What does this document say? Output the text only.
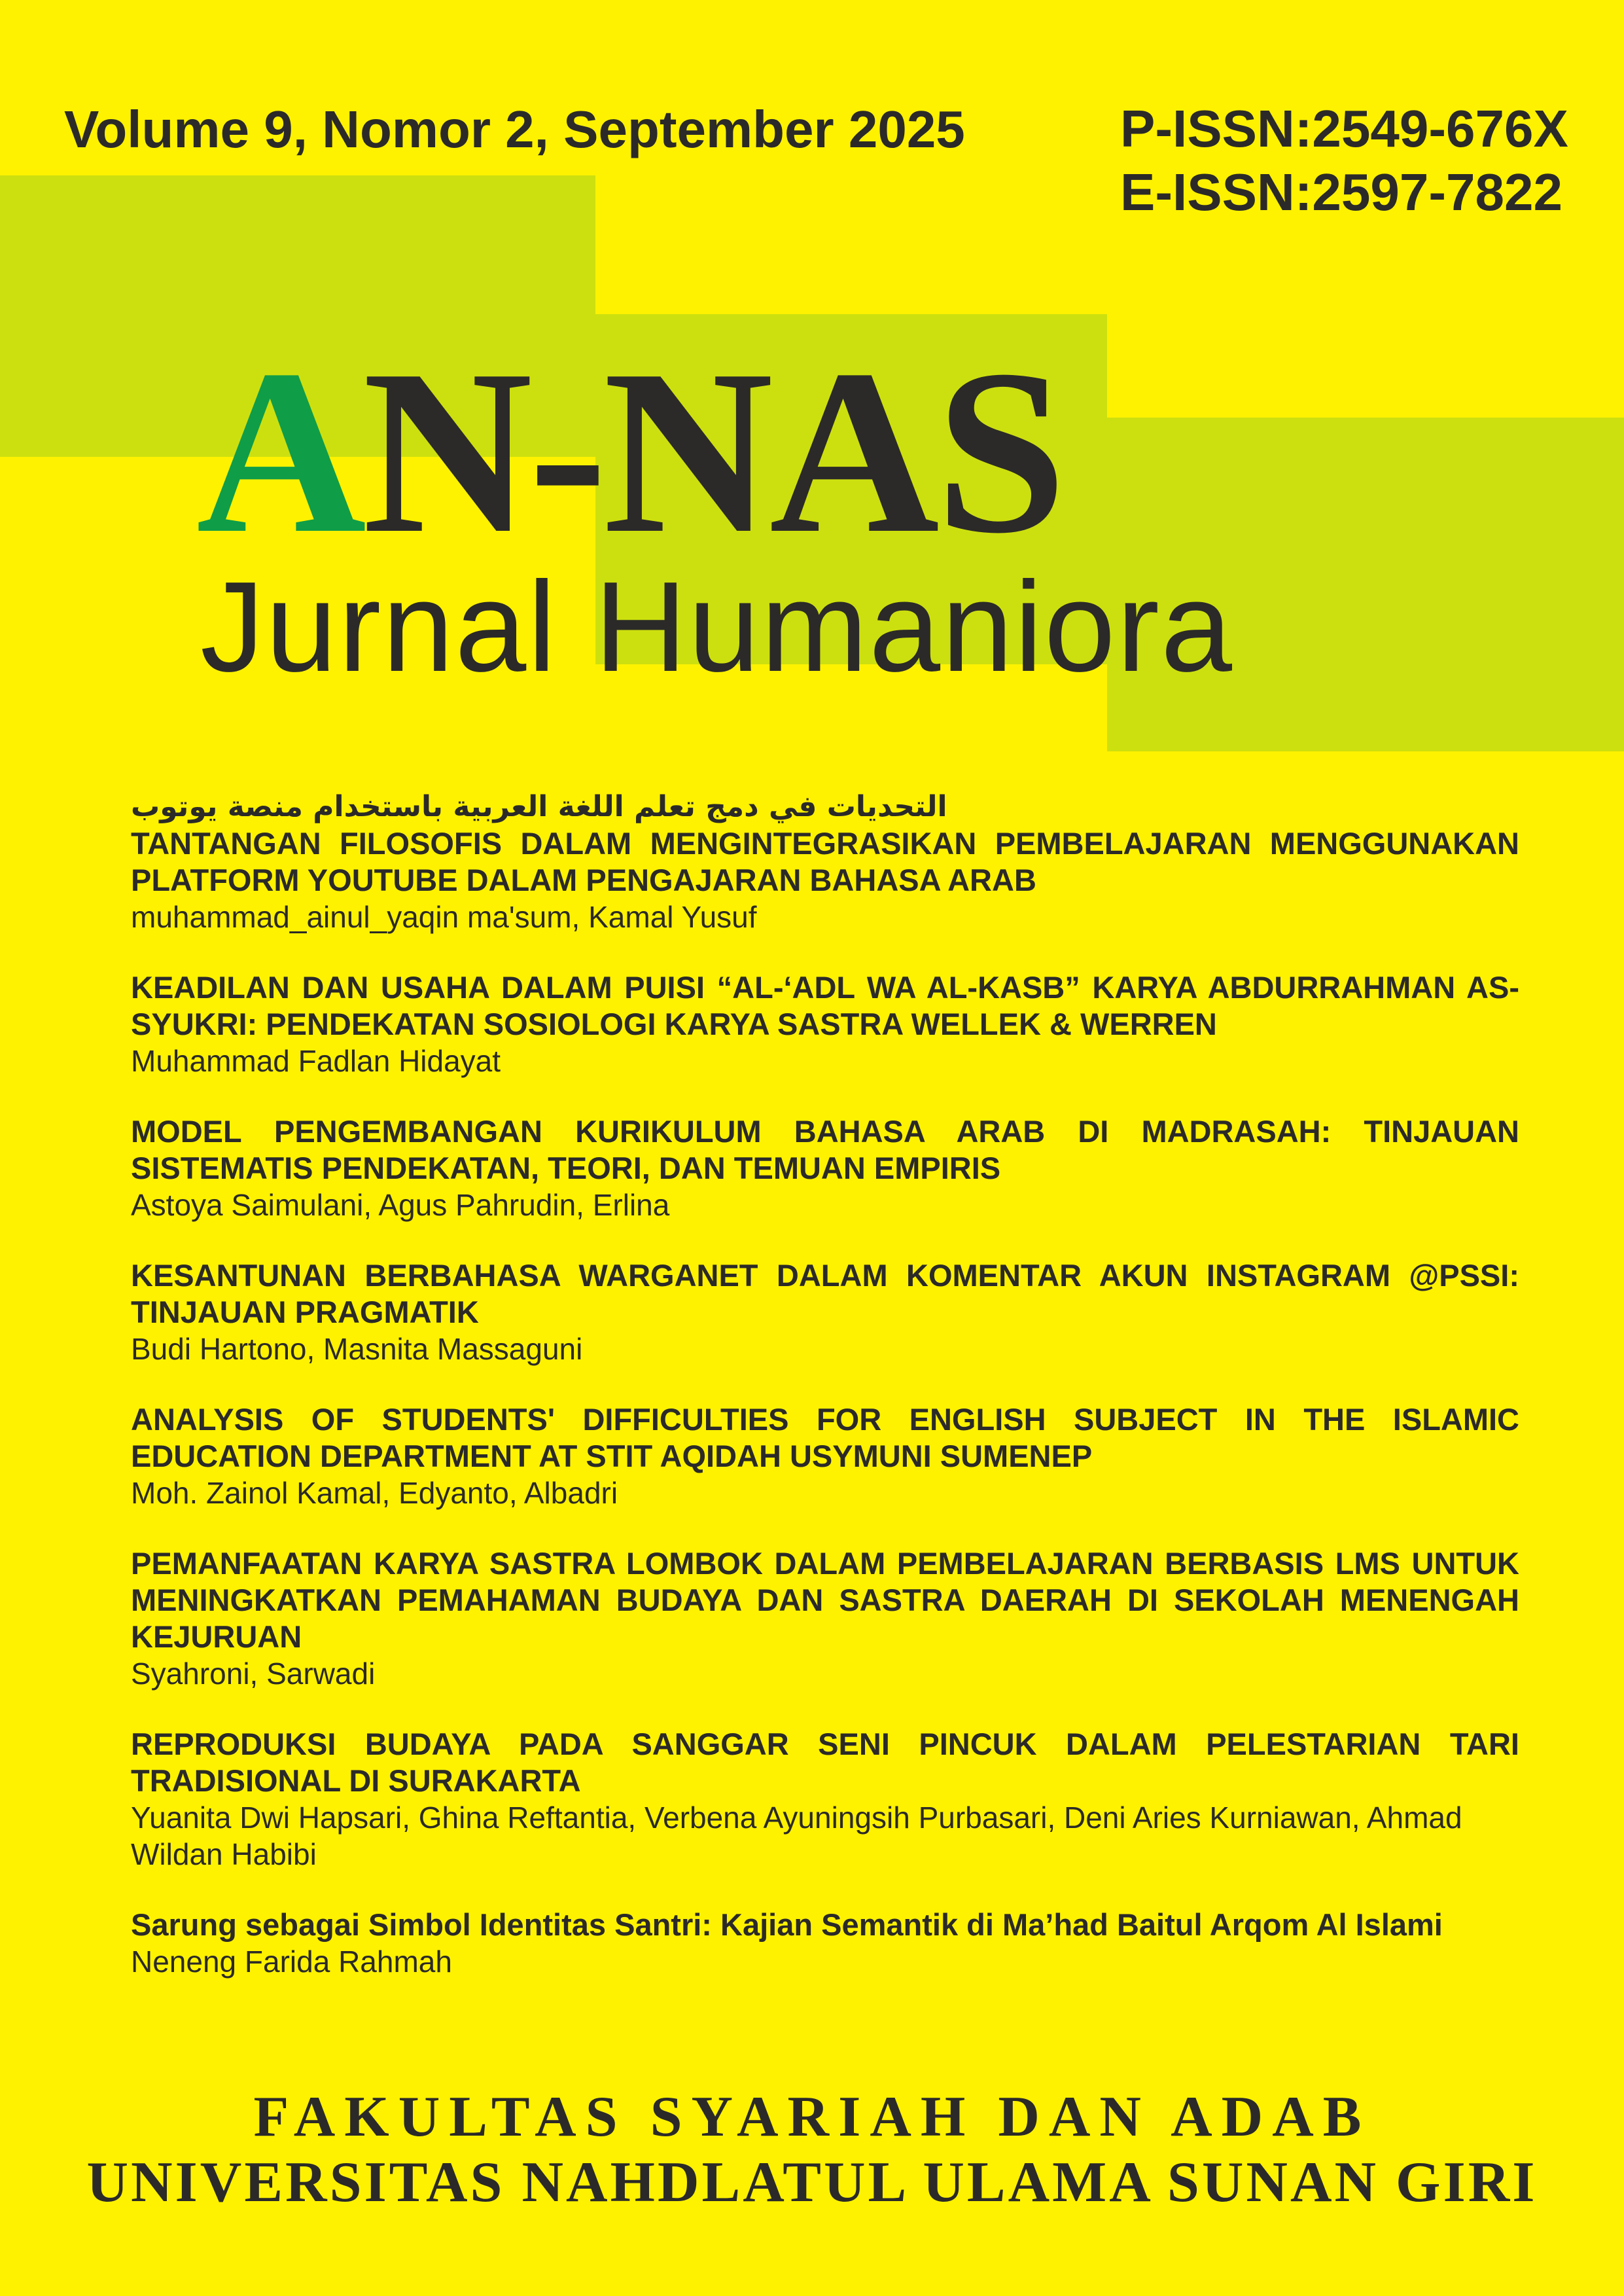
Volume 9, Nomor 2, September 2025	P-ISSN:2549-676X
E-ISSN:2597-7822
AN-NAS
Jurnal Humaniora
التحديات في دمج تعلم اللغة العربية باستخدام منصة يوتوب
TANTANGAN FILOSOFIS DALAM MENGINTEGRASIKAN PEMBELAJARAN MENGGUNAKAN PLATFORM YOUTUBE DALAM PENGAJARAN BAHASA ARAB
muhammad_ainul_yaqin ma'sum, Kamal Yusuf
KEADILAN DAN USAHA DALAM PUISI “AL-‘ADL WA AL-KASB” KARYA ABDURRAHMAN AS-SYUKRI: PENDEKATAN SOSIOLOGI KARYA SASTRA WELLEK & WERREN
Muhammad Fadlan Hidayat
MODEL PENGEMBANGAN KURIKULUM BAHASA ARAB DI MADRASAH: TINJAUAN SISTEMATIS PENDEKATAN, TEORI, DAN TEMUAN EMPIRIS
Astoya Saimulani, Agus Pahrudin, Erlina
KESANTUNAN BERBAHASA WARGANET DALAM KOMENTAR AKUN INSTAGRAM @PSSI: TINJAUAN PRAGMATIK
Budi Hartono, Masnita Massaguni
ANALYSIS OF STUDENTS' DIFFICULTIES FOR ENGLISH SUBJECT IN THE ISLAMIC EDUCATION DEPARTMENT AT STIT AQIDAH USYMUNI SUMENEP
Moh. Zainol Kamal, Edyanto, Albadri
PEMANFAATAN KARYA SASTRA LOMBOK DALAM PEMBELAJARAN BERBASIS LMS UNTUK MENINGKATKAN PEMAHAMAN BUDAYA DAN SASTRA DAERAH DI SEKOLAH MENENGAH KEJURUAN
Syahroni, Sarwadi
REPRODUKSI BUDAYA PADA SANGGAR SENI PINCUK DALAM PELESTARIAN TARI TRADISIONAL DI SURAKARTA
Yuanita Dwi Hapsari, Ghina Reftantia, Verbena Ayuningsih Purbasari, Deni Aries Kurniawan, Ahmad Wildan Habibi
Sarung sebagai Simbol Identitas Santri: Kajian Semantik di Ma’had Baitul Arqom Al Islami
Neneng Farida Rahmah
FAKULTAS SYARIAH DAN ADAB
UNIVERSITAS NAHDLATUL ULAMA SUNAN GIRI
